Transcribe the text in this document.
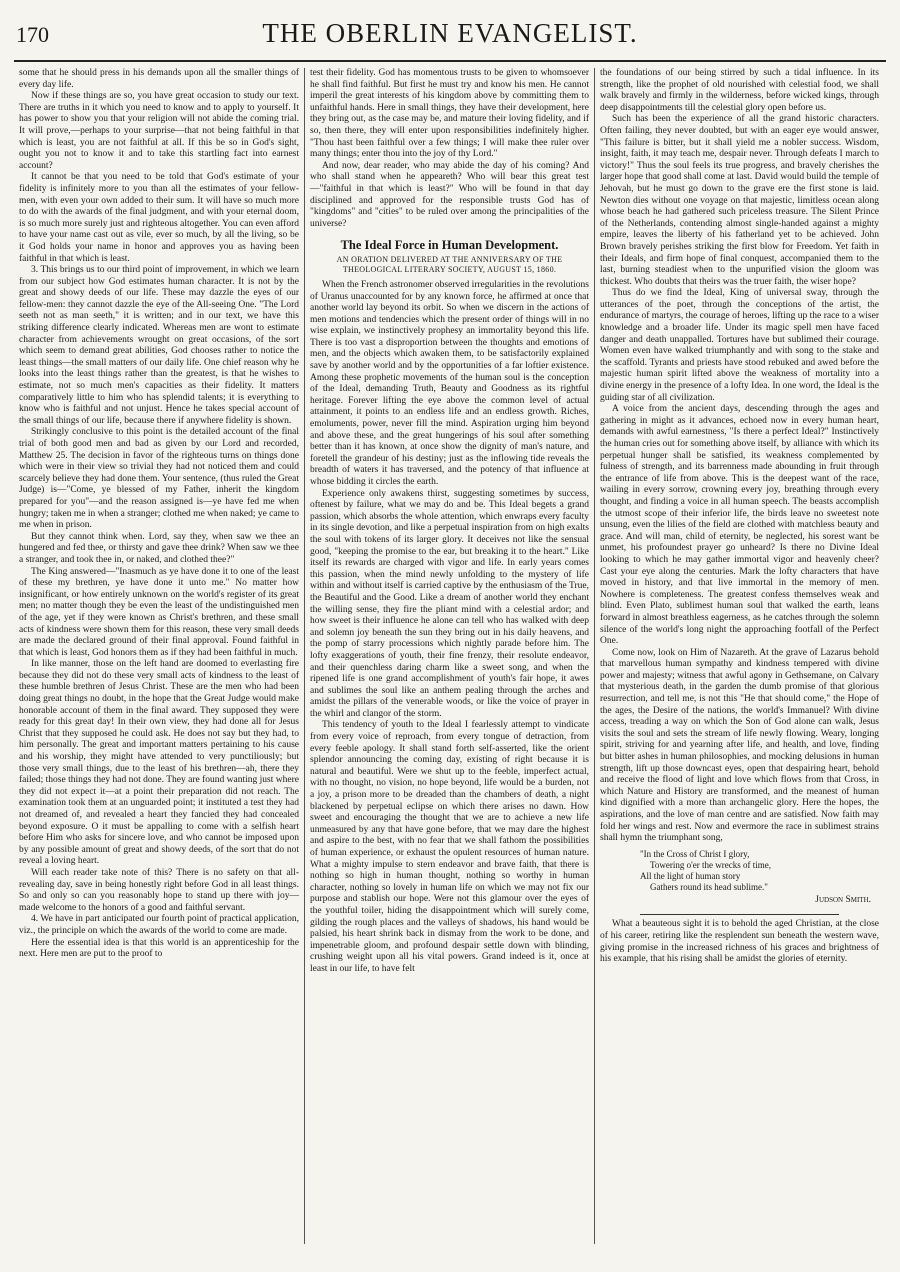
170	THE OBERLIN EVANGELIST.

some that he should press in his demands upon all the smaller things of every day life.

Now if these things are so, you have great occasion to study our text. There are truths in it which you need to know and to apply to yourself. It has power to show you that your religion will not abide the coming trial. It will prove,—perhaps to your surprise—that not being faithful in that which is least, you are not faithful at all. If this be so in God's sight, ought you not to know it and to take this startling fact into earnest account?

It cannot be that you need to be told that God's estimate of your fidelity is infinitely more to you than all the estimates of your fellow-men, with even your own added to their sum. It will have so much more to do with the awards of the final judgment, and with your eternal doom, is so much more surely just and righteous altogether. You can even afford to have your name cast out as vile, ever so much, by all the living, so be it God holds your name in honor and approves you as having been faithful in that which is least.

3. This brings us to our third point of improvement, in which we learn from our subject how God estimates human character. It is not by the great and showy deeds of our life. These may dazzle the eyes of our fellow-men: they cannot dazzle the eye of the All-seeing One. "The Lord seeth not as man seeth," it is written; and in our text, we have this striking difference clearly indicated. Whereas men are wont to estimate character from achievements wrought on great occasions, of the sort which seem to demand great abilities, God chooses rather to notice the least things—the small matters of our daily life. One chief reason why he looks into the least things rather than the greatest, is that he wishes to estimate, not so much men's capacities as their fidelity. It matters comparatively little to him who has splendid talents; it is everything to know who is faithful and not unjust. Hence he takes special account of the small things of our life, because there if anywhere fidelity is shown.

Strikingly conclusive to this point is the detailed account of the final trial of both good men and bad as given by our Lord and recorded, Matthew 25. The decision in favor of the righteous turns on things done which were in their view so trivial they had not noticed them and could scarcely believe they had done them. Your sentence, (thus ruled the Great Judge) is—"Come, ye blessed of my Father, inherit the kingdom prepared for you"—and the reason assigned is—ye have fed me when hungry; taken me in when a stranger; clothed me when naked; ye came to me when in prison.

But they cannot think when. Lord, say they, when saw we thee an hungered and fed thee, or thirsty and gave thee drink? When saw we thee a stranger, and took thee in, or naked, and clothed thee?"

The King answered—"Inasmuch as ye have done it to one of the least of these my brethren, ye have done it unto me." No matter how insignificant, or how entirely unknown on the world's register of its great men; no matter though they be even the least of the undistinguished men of the age, yet if they were known as Christ's brethren, and these small acts of kindness were shown them for this reason, these very small deeds are made the declared ground of their final approval. Found faithful in that which is least, God honors them as if they had been faithful in much.

In like manner, those on the left hand are doomed to everlasting fire because they did not do these very small acts of kindness to the least of these humble brethren of Jesus Christ. These are the men who had been doing great things no doubt, in the hope that the Great Judge would make honorable account of them in the final award. They supposed they were ready for this great day! In their own view, they had done all for Jesus Christ that they supposed he could ask. He does not say but they had, to him personally. The great and important matters pertaining to his cause and his worship, they might have attended to very punctiliously; but those very small things, due to the least of his brethren—ah, there they failed; those things they had not done. They are found wanting just where they did not expect it—at a point their preparation did not reach. The examination took them at an unguarded point; it instituted a test they had not dreamed of, and revealed a heart they fancied they had concealed beyond exposure. O it must be appalling to come with a selfish heart before Him who asks for sincere love, and who cannot be imposed upon by any possible amount of great and showy deeds, of the sort that do not reveal a loving heart.

Will each reader take note of this? There is no safety on that all-revealing day, save in being honestly right before God in all least things. So and only so can you reasonably hope to stand up there with joy—made welcome to the honors of a good and faithful servant.

4. We have in part anticipated our fourth point of practical application, viz., the principle on which the awards of the world to come are made.

Here the essential idea is that this world is an apprenticeship for the next. Here men are put to the proof to

test their fidelity. God has momentous trusts to be given to whomsoever he shall find faithful. But first he must try and know his men. He cannot imperil the great interests of his kingdom above by committing them to unfaithful hands. Here in small things, they have their development, here they bring out, as the case may be, and mature their loving fidelity, and if so, then there, they will enter upon responsibilities indefinitely higher. "Thou hast been faithful over a few things; I will make thee ruler over many things; enter thou into the joy of thy Lord."

And now, dear reader, who may abide the day of his coming? And who shall stand when he appeareth? Who will bear this great test—"faithful in that which is least?" Who will be found in that day disciplined and approved for the responsible trusts God has of "kingdoms" and "cities" to be ruled over among the principalities of the universe?

The Ideal Force in Human Development.
AN ORATION DELIVERED AT THE ANNIVERSARY OF THE THEOLOGICAL LITERARY SOCIETY, AUGUST 15, 1860.

When the French astronomer observed irregularities in the revolutions of Uranus unaccounted for by any known force, he affirmed at once that another world lay beyond its orbit. So when we discern in the actions of men motions and tendencies which the present order of things will in no wise explain, we instinctively prophesy an immortality beyond this life. There is too vast a disproportion between the thoughts and emotions of men, and the objects which awaken them, to be satisfactorily explained save by another world and by the opportunities of a far loftier existence. Among these prophetic movements of the human soul is the conception of the Ideal, demanding Truth, Beauty and Goodness as its rightful heritage. Forever lifting the eye above the common level of actual attainment, it points to an endless life and an endless growth. Riches, emoluments, power, never fill the mind. Aspiration urging him beyond and above these, and the great hungerings of his soul after something better than it has known, at once show the dignity of man's nature, and foretell the grandeur of his destiny; just as the inflowing tide reveals the breadth of waters it has traversed, and the potency of that influence at whose bidding it circles the earth.

Experience only awakens thirst, suggesting sometimes by success, oftenest by failure, what we may do and be. This Ideal begets a grand passion, which absorbs the whole attention, which enwraps every faculty in its single devotion, and like a perpetual inspiration from on high exalts the soul with tokens of its larger glory. It deceives not like the sensual good, "keeping the promise to the ear, but breaking it to the heart." Like itself its rewards are charged with vigor and life. In early years comes this passion, when the mind newly unfolding to the mystery of life within and without itself is carried captive by the enthusiasm of the True, the Beautiful and the Good. Like a dream of another world they enchant the willing sense, they fire the pliant mind with a celestial ardor; and how sweet is their influence he alone can tell who has walked with deep and solemn joy beneath the sun they bring out in his daily heavens, and the pomp of starry processions which nightly parade before him. The lofty exaggerations of youth, their fine frenzy, their resolute endeavor, and their quenchless daring charm like a sweet song, and when the ripened life is one grand accomplishment of youth's fair hope, it awes and sublimes the soul like an anthem pealing through the arches and amidst the pillars of the venerable woods, or like the voice of prayer in the whirl and clangor of the storm.

This tendency of youth to the Ideal I fearlessly attempt to vindicate from every voice of reproach, from every tongue of detraction, from every feeble apology. It shall stand forth self-asserted, like the orient splendor announcing the coming day, existing of right because it is natural and beautiful. Were we shut up to the feeble, imperfect actual, with no thought, no vision, no hope beyond, life would be a burden, not a joy, a prison more to be dreaded than the chambers of death, a night blackened by perpetual eclipse on which there arises no dawn. How sweet and encouraging the thought that we are to achieve a new life unmeasured by any that have gone before, that we may dare the highest and aspire to the best, with no fear that we shall fathom the possibilities of human experience, or exhaust the opulent resources of human nature. What a mighty impulse to stern endeavor and brave faith, that there is nothing so high in human thought, nothing so worthy in human character, nothing so lovely in human life on which we may not fix our purpose and stablish our hope. Were not this glamour over the eyes of the youthful toiler, hiding the disappointment which will surely come, gilding the rough places and the valleys of shadows, his hand would be palsied, his heart shrink back in dismay from the work to be done, and impenetrable gloom, and profound despair settle down with blinding, crushing weight upon all his vital powers. Grand indeed is it, once at least in our life, to have felt

the foundations of our being stirred by such a tidal influence. In its strength, like the prophet of old nourished with celestial food, we shall walk bravely and firmly in the wilderness, before wicked kings, through deep disappointments till the celestial glory open before us.

Such has been the experience of all the grand historic characters. Often failing, they never doubted, but with an eager eye would answer, "This failure is bitter, but it shall yield me a nobler success. Wisdom, insight, faith, it may teach me, despair never. Through defeats I march to victory!" Thus the soul feels its true progress, and bravely cherishes the larger hope that good shall come at last. David would build the temple of Jehovah, but he must go down to the grave ere the first stone is laid. Newton dies without one voyage on that majestic, limitless ocean along whose beach he had gathered such priceless treasure. The Silent Prince of the Netherlands, contending almost single-handed against a mighty empire, leaves the liberty of his fatherland yet to be achieved. John Brown bravely perishes striking the first blow for Freedom. Yet faith in their Ideals, and firm hope of final conquest, accompanied them to the last, burning steadiest when to the unpurified vision the gloom was thickest. Who doubts that theirs was the truer faith, the wiser hope?

Thus do we find the Ideal, King of universal sway, through the utterances of the poet, through the conceptions of the artist, the endurance of martyrs, the courage of heroes, lifting up the race to a wiser knowledge and a broader life. Under its magic spell men have faced danger and death unappalled. Tortures have but sublimed their courage. Women even have walked triumphantly and with song to the stake and the scaffold. Tyrants and priests have stood rebuked and awed before the majestic human spirit lifted above the weakness of mortality into a divine energy in the presence of a lofty Idea. In one word, the Ideal is the guiding star of all civilization.

A voice from the ancient days, descending through the ages and gathering in might as it advances, echoed now in every human heart, demands with awful earnestness, "Is there a perfect Ideal?" Instinctively the human cries out for something above itself, by alliance with which its perpetual hunger shall be satisfied, its weakness complemented by fulness of strength, and its barrenness made abounding in fruit through the entrance of life from above. This is the deepest want of the race, wailing in every sorrow, crowning every joy, breathing through every thought, and finding a voice in all human speech. The beasts accomplish the utmost scope of their inferior life, the birds leave no sweetest note unsung, even the lilies of the field are clothed with matchless beauty and grace. And will man, child of eternity, be neglected, his sorest want be unmet, his profoundest prayer go unheard? Is there no Divine Ideal looking to which he may gather immortal vigor and heavenly cheer? Cast your eye along the centuries. Mark the lofty characters that have moved in history, and that live immortal in the memory of men. Nowhere is completeness. The greatest confess themselves weak and blind. Even Plato, sublimest human soul that walked the earth, leans forward in almost breathless eagerness, as he catches through the solemn silence of the world's long night the approaching footfall of the Perfect One.

Come now, look on Him of Nazareth. At the grave of Lazarus behold that marvellous human sympathy and kindness tempered with divine power and majesty; witness that awful agony in Gethsemane, on Calvary that mysterious death, in the garden the dumb promise of that glorious resurrection, and tell me, is not this "He that should come," the Hope of the ages, the Desire of the nations, the world's Immanuel? With divine access, treading a way on which the Son of God alone can walk, Jesus visits the soul and sets the stream of life newly flowing. Weary, longing spirit, striving for and yearning after life, and health, and love, finding but bitter ashes in human philosophies, and mocking delusions in human strength, lift up those downcast eyes, open that despairing heart, behold and receive the flood of light and love which flows from that Cross, in which Nature and History are transformed, and the meanest of human kind dignified with a more than archangelic glory. Here the hopes, the aspirations, and the love of man centre and are satisfied. Now faith may fold her wings and rest. Now and evermore the race in sublimest strains shall hymn the triumphant song,

"In the Cross of Christ I glory,
Towering o'er the wrecks of time,
All the light of human story
Gathers round its head sublime."
Judson Smith.

What a beauteous sight it is to behold the aged Christian, at the close of his career, retiring like the resplendent sun beneath the western wave, giving promise in the increased richness of his graces and brightness of his example, that his rising shall be amidst the glories of eternity.
